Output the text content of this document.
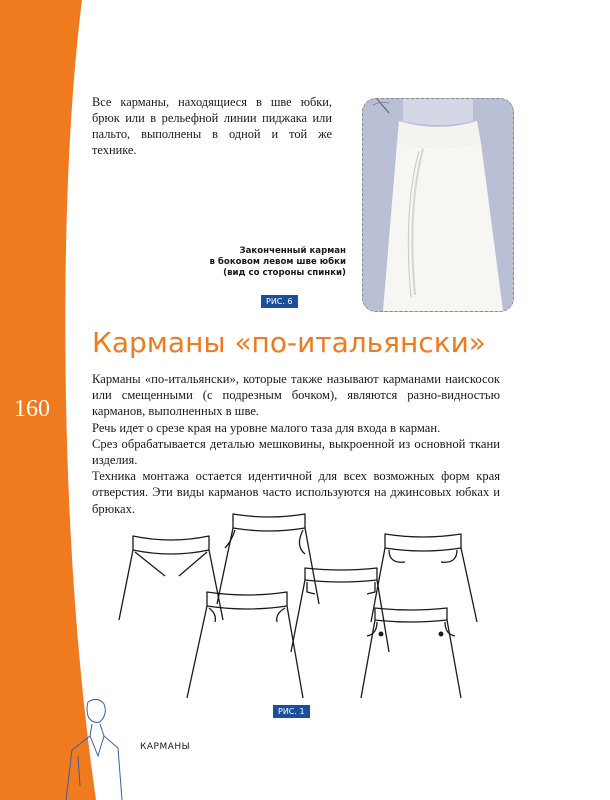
160
Все карманы, находящиеся в шве юбки, брюк или в рельефной линии пиджака или пальто, выполнены в одной и той же технике.
Законченный карман
в боковом левом шве юбки
(вид со стороны спинки)
РИС. 6
Карманы «по-итальянски»

Карманы «по-итальянски», которые также называют карманами наискосок или смещенными (с подрезным бочком), являются разно-видностью карманов, выполненных в шве.

Речь идет о срезе края на уровне малого таза для входа в карман.

Срез обрабатывается деталью мешковины, выкроенной из основной ткани изделия.

Техника монтажа остается идентичной для всех возможных форм края отверстия. Эти виды карманов часто используются на джинсовых юбках и брюках.

РИС. 1
КАРМАНЫ
